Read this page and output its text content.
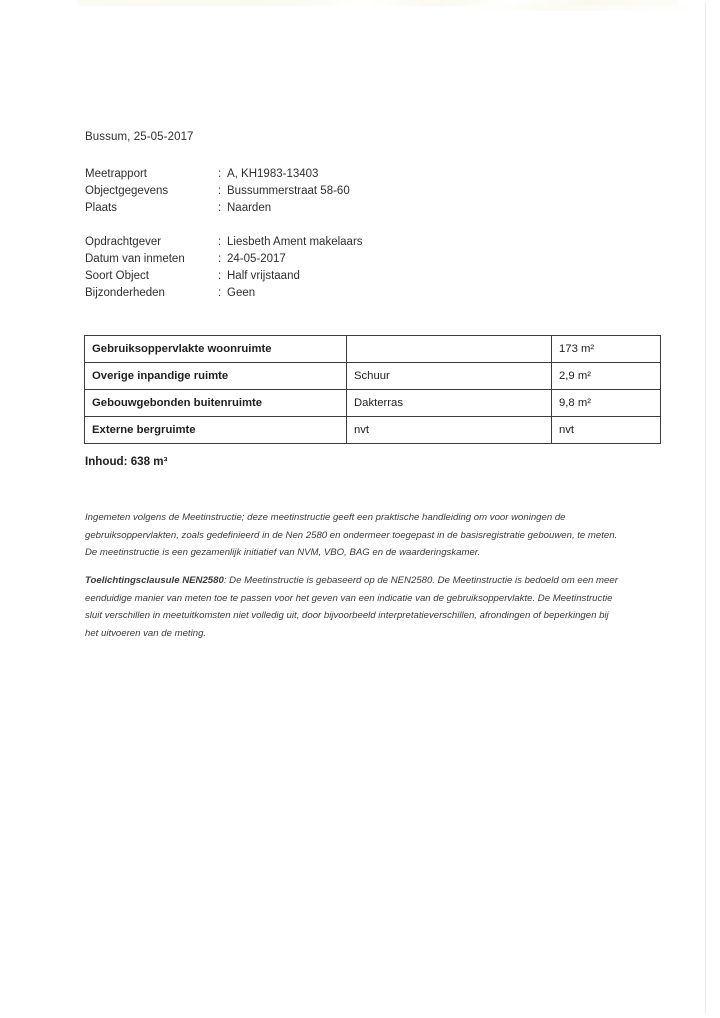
Bussum, 25-05-2017
Meetrapport	: A, KH1983-13403
Objectgegevens	: Bussummerstraat 58-60
Plaats	: Naarden
Opdrachtgever	: Liesbeth Ament makelaars
Datum van inmeten	: 24-05-2017
Soort Object	: Half vrijstaand
Bijzonderheden	: Geen
Gebruiksoppervlakte woonruimte		173 m²
Overige inpandige ruimte	Schuur	2,9 m²
Gebouwgebonden buitenruimte	Dakterras	9,8 m²
Externe bergruimte	nvt	nvt
Inhoud: 638 m³
Ingemeten volgens de Meetinstructie; deze meetinstructie geeft een praktische handleiding om voor woningen de gebruiksoppervlakten, zoals gedefinieerd in de Nen 2580 en ondermeer toegepast in de basisregistratie gebouwen, te meten. De meetinstructie is een gezamenlijk initiatief van NVM, VBO, BAG en de waarderingskamer.
Toelichtingsclausule NEN2580: De Meetinstructie is gebaseerd op de NEN2580. De Meetinstructie is bedoeld om een meer eenduidige manier van meten toe te passen voor het geven van een indicatie van de gebruiksoppervlakte. De Meetinstructie sluit verschillen in meetuitkomsten niet volledig uit, door bijvoorbeeld interpretatieverschillen, afrondingen of beperkingen bij het uitvoeren van de meting.
